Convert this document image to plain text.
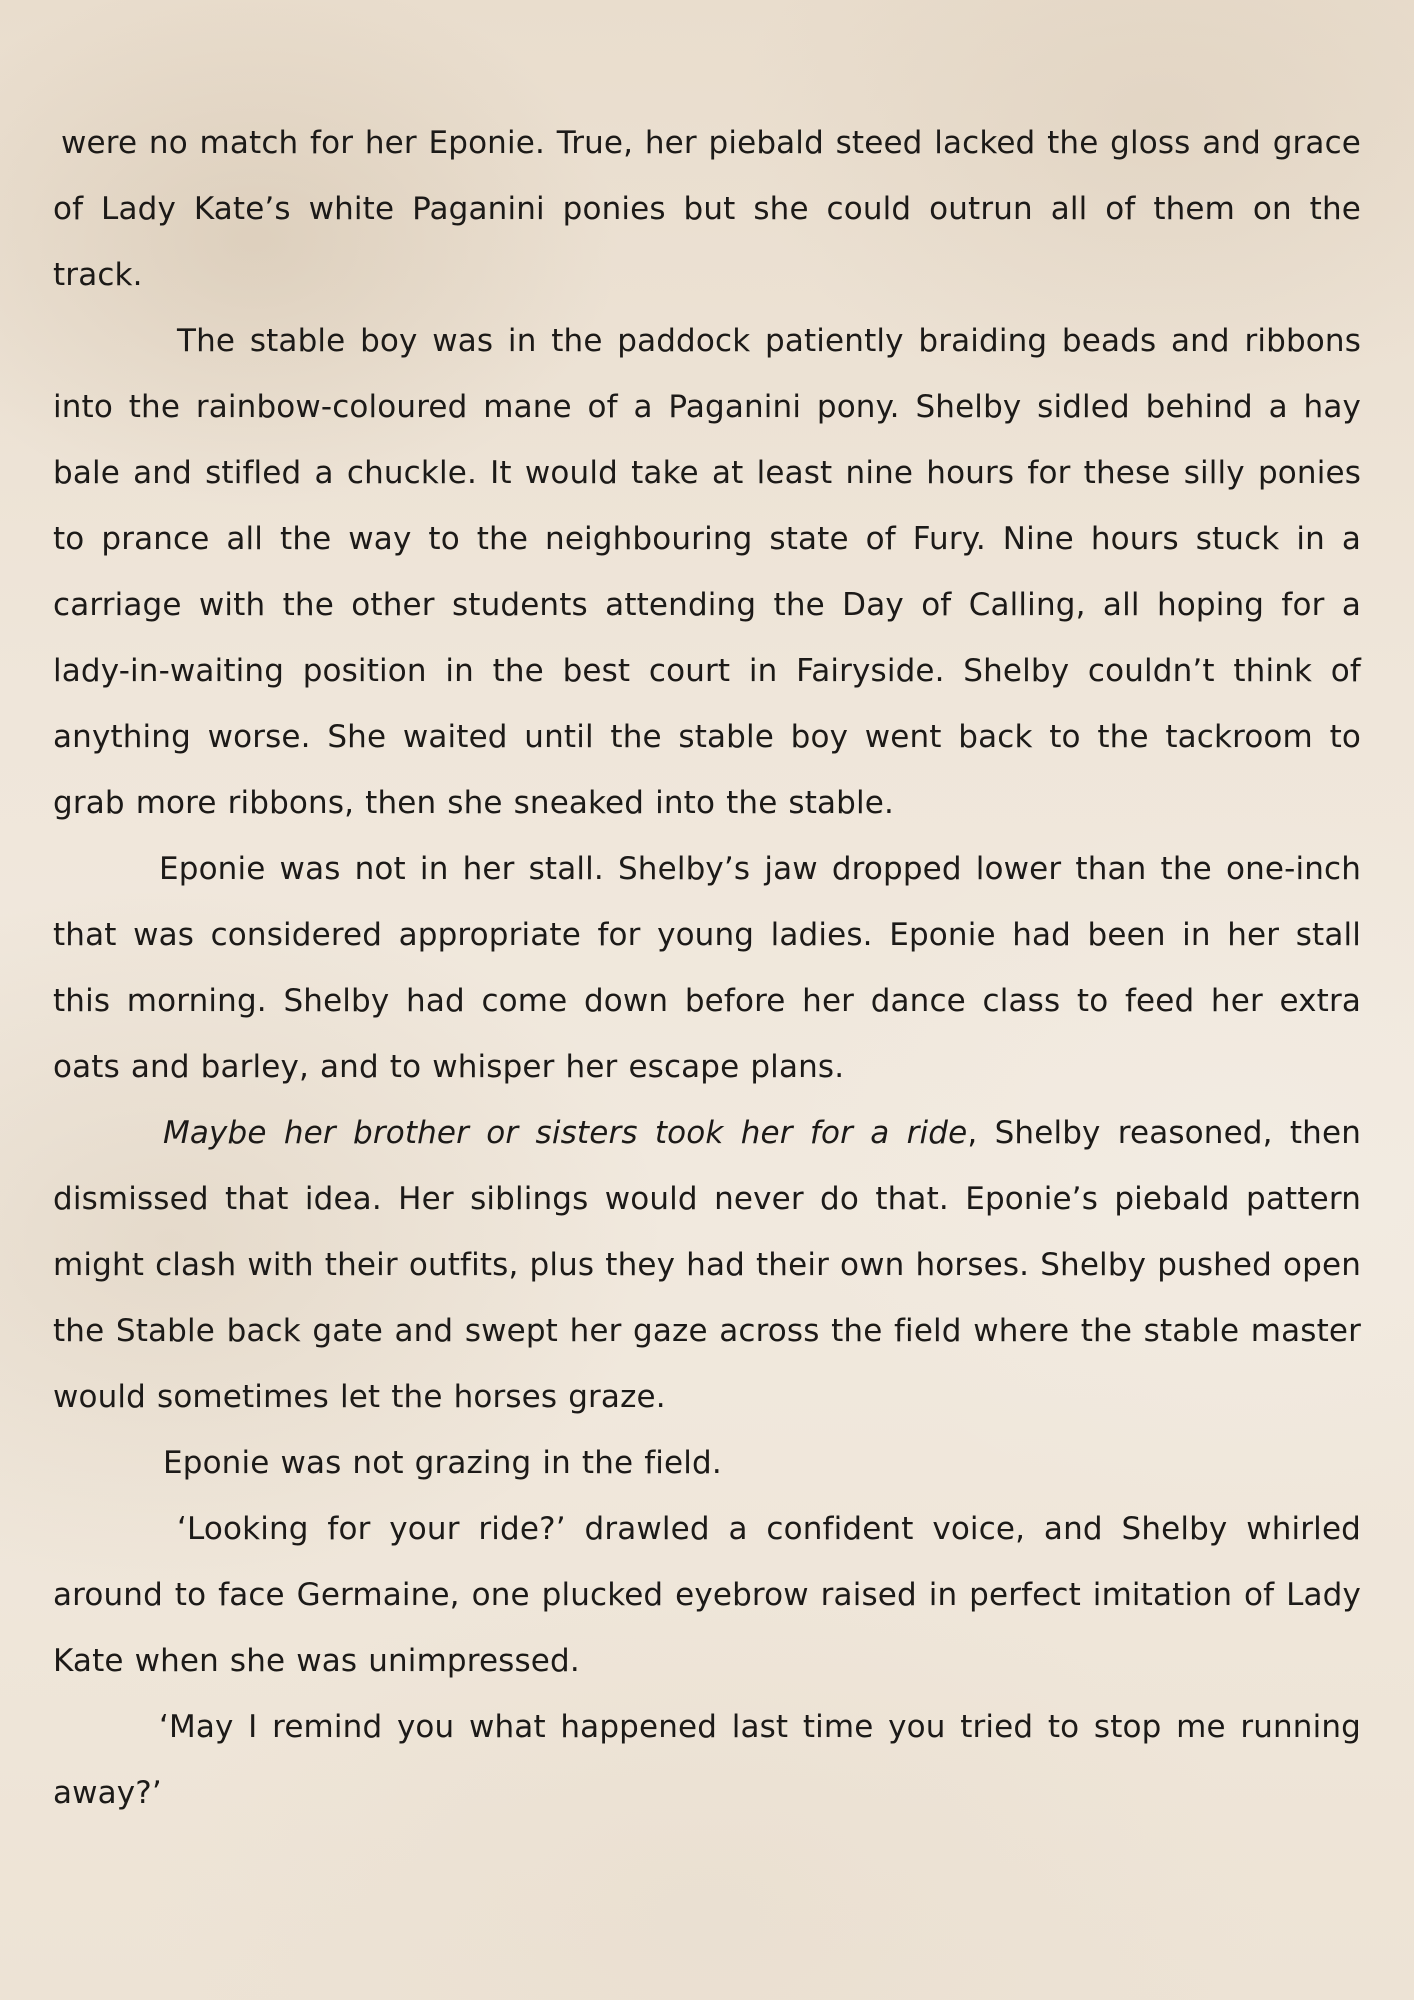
were no match for her Eponie. True, her piebald steed lacked the gloss and grace of Lady Kate’s white Paganini ponies but she could outrun all of them on the track.

The stable boy was in the paddock patiently braiding beads and ribbons into the rainbow-coloured mane of a Paganini pony. Shelby sidled behind a hay bale and stifled a chuckle. It would take at least nine hours for these silly ponies to prance all the way to the neighbouring state of Fury. Nine hours stuck in a carriage with the other students attending the Day of Calling, all hoping for a lady-in-waiting position in the best court in Fairyside. Shelby couldn’t think of anything worse. She waited until the stable boy went back to the tackroom to grab more ribbons, then she sneaked into the stable.

Eponie was not in her stall. Shelby’s jaw dropped lower than the one-inch that was considered appropriate for young ladies. Eponie had been in her stall this morning. Shelby had come down before her dance class to feed her extra oats and barley, and to whisper her escape plans.

Maybe her brother or sisters took her for a ride, Shelby reasoned, then dismissed that idea. Her siblings would never do that. Eponie’s piebald pattern might clash with their outfits, plus they had their own horses. Shelby pushed open the Stable back gate and swept her gaze across the field where the stable master would sometimes let the horses graze.

Eponie was not grazing in the field.

‘Looking for your ride?’ drawled a confident voice, and Shelby whirled around to face Germaine, one plucked eyebrow raised in perfect imitation of Lady Kate when she was unimpressed.

‘May I remind you what happened last time you tried to stop me running away?’
